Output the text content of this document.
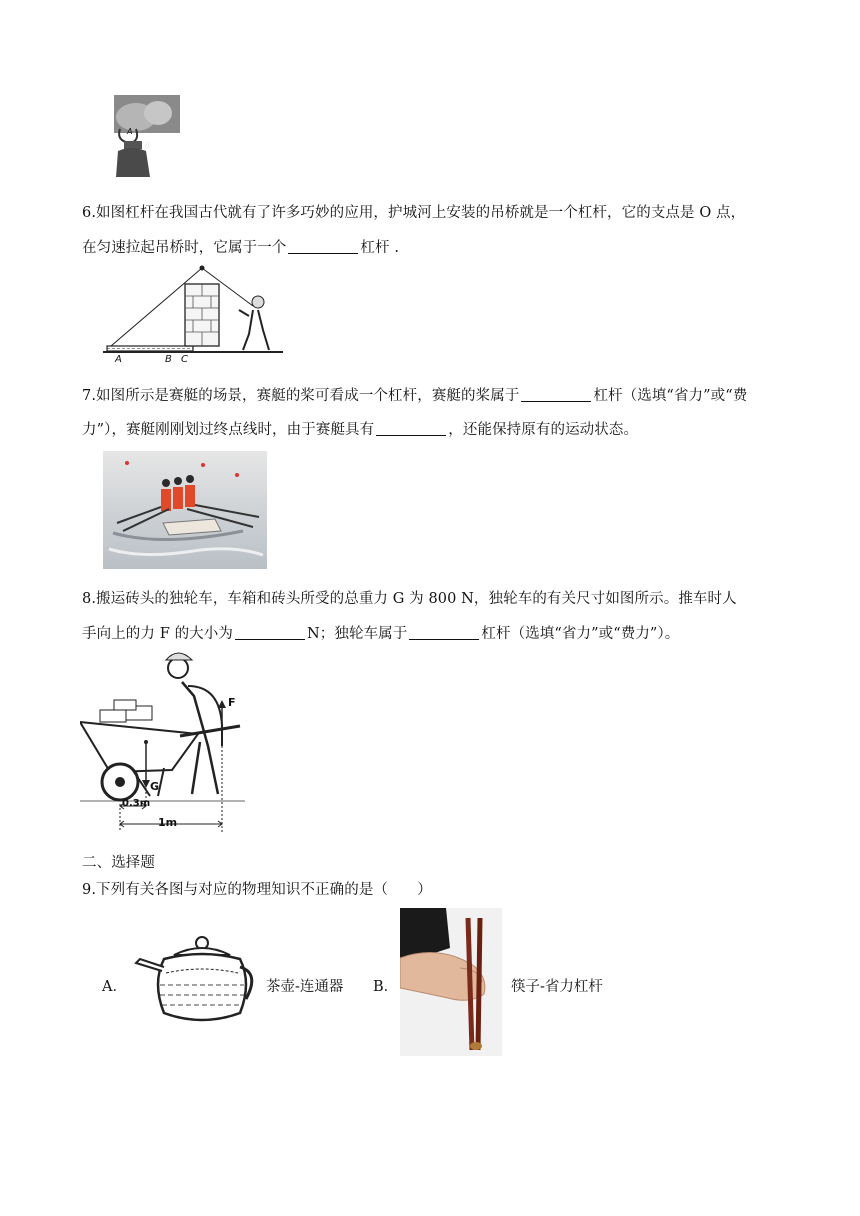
A
B
6.如图杠杆在我国古代就有了许多巧妙的应用，护城河上安装的吊桥就是一个杠杆，它的支点是 O 点，
在匀速拉起吊桥时，它属于一个	杠杆 .
A	B C
7.如图所示是赛艇的场景，赛艇的桨可看成一个杠杆，赛艇的桨属于	杠杆（选填“省力”或“费
力”），赛艇刚刚划过终点线时，由于赛艇具有	，还能保持原有的运动状态。
8.搬运砖头的独轮车，车箱和砖头所受的总重力 G 为 800 N，独轮车的有关尺寸如图所示。推车时人
手向上的力 F 的大小为	N；独轮车属于	杠杆（选填“省力”或“费力”）。
G
F
0.3m
1m
二、选择题
9.下列有关各图与对应的物理知识不正确的是（　　）
A．	茶壶-连通器 B．	筷子-省力杠杆
